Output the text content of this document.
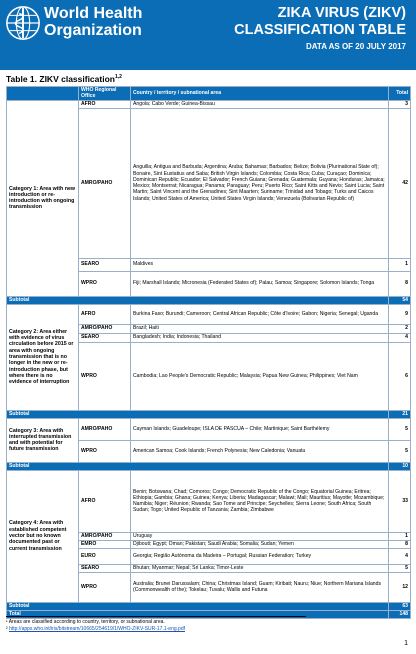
World Health
Organization
ZIKA VIRUS (ZIKV)
CLASSIFICATION TABLE
DATA AS OF 20 JULY 2017
Table 1. ZIKV classification$^{1,2}$
	WHO Regional Office	Country / territory / subnational area	Total
Category 1: Area with new introduction or re-introduction with ongoing transmission	AFRO	Angola; Cabo Verde; Guinea-Bissau	3
	AMRO/PAHO	Anguilla; Antigua and Barbuda; Argentina; Aruba; Bahamas; Barbados; Belize; Bolivia (Plurinational State of); Bonaire, Sint Eustatius and Saba; British Virgin Islands; Colombia; Costa Rica; Cuba; Curaçao; Dominica; Dominican Republic; Ecuador; El Salvador; French Guiana; Grenada; Guatemala; Guyana; Honduras; Jamaica; Mexico; Montserrat; Nicaragua; Panama; Paraguay; Peru; Puerto Rico; Saint Kitts and Nevis; Saint Lucia; Saint Martin; Saint Vincent and the Grenadines; Sint Maarten; Suriname; Trinidad and Tobago; Turks and Caicos Islands; United States of America; United States Virgin Islands; Venezuela (Bolivarian Republic of)	42
	SEARO	Maldives	1
	WPRO	Fiji; Marshall Islands; Micronesia (Federated States of); Palau; Samoa; Singapore; Solomon Islands; Tonga	8
Subtotal			54
Category 2: Area either with evidence of virus circulation before 2015 or area with ongoing transmission that is no longer in the new or re-introduction phase, but where there is no evidence of interruption	AFRO	Burkina Faso; Burundi; Cameroon; Central African Republic; Côte d'Ivoire; Gabon; Nigeria; Senegal; Uganda	9
	AMRO/PAHO	Brazil; Haiti	2
	SEARO	Bangladesh; India; Indonesia; Thailand	4
	WPRO	Cambodia; Lao People's Democratic Republic; Malaysia; Papua New Guinea; Philippines; Viet Nam	6
Subtotal			21
Category 3: Area with interrupted transmission and with potential for future transmission	AMRO/PAHO	Cayman Islands; Guadeloupe; ISLA DE PASCUA – Chile; Martinique; Saint Barthélemy	5
	WPRO	American Samoa; Cook Islands; French Polynesia; New Caledonia; Vanuatu	5
Subtotal			10
Category 4: Area with established competent vector but no known documented past or current transmission	AFRO	Benin; Botswana; Chad; Comoros; Congo; Democratic Republic of the Congo; Equatorial Guinea; Eritrea; Ethiopia; Gambia; Ghana; Guinea; Kenya; Liberia; Madagascar; Malawi; Mali; Mauritius; Mayotte; Mozambique; Namibia; Niger; Réunion; Rwanda; Sao Tome and Principe; Seychelles; Sierra Leone; South Africa; South Sudan; Togo; United Republic of Tanzania; Zambia; Zimbabwe	33
	AMRO/PAHO	Uruguay	1
	EMRO	Djibouti; Egypt; Oman; Pakistan; Saudi Arabia; Somalia; Sudan; Yemen	8
	EURO	Georgia; Região Autónoma da Madeira – Portugal; Russian Federation; Turkey	4
	SEARO	Bhutan; Myanmar; Nepal; Sri Lanka; Timor-Leste	5
	WPRO	Australia; Brunei Darussalam; China; Christmas Island; Guam; Kiribati; Nauru; Niue; Northern Mariana Islands (Commonwealth of the); Tokelau; Tuvalu; Wallis and Futuna	12
Subtotal			63
Total			148
¹ Areas are classified according to country, territory, or subnational area.
² http://apps.who.int/iris/bitstream/10665/254619/1/WHO-ZIKV-SUR-17.1-eng.pdf
1
